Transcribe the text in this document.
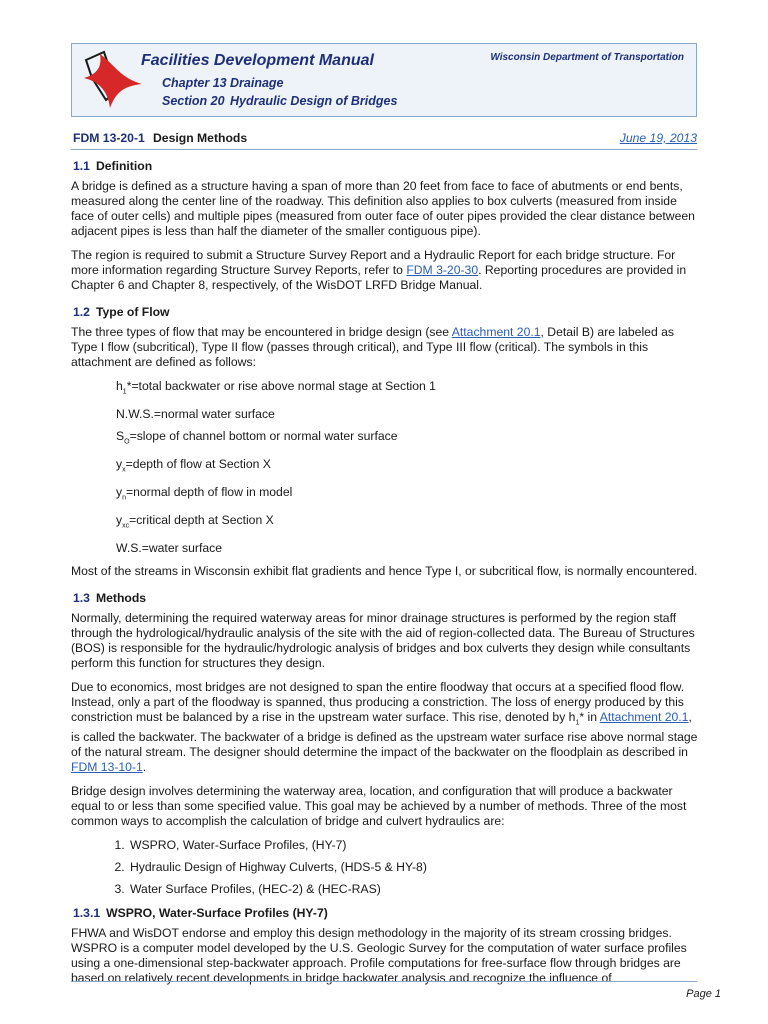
Facilities Development Manual	Wisconsin Department of Transportation
Chapter 13 Drainage
Section 20 Hydraulic Design of Bridges
FDM 13-20-1 Design Methods	June 19, 2013
1.1 Definition

A bridge is defined as a structure having a span of more than 20 feet from face to face of abutments or end bents, measured along the center line of the roadway. This definition also applies to box culverts (measured from inside face of outer cells) and multiple pipes (measured from outer face of outer pipes provided the clear distance between adjacent pipes is less than half the diameter of the smaller contiguous pipe).

The region is required to submit a Structure Survey Report and a Hydraulic Report for each bridge structure. For more information regarding Structure Survey Reports, refer to FDM 3-20-30. Reporting procedures are provided in Chapter 6 and Chapter 8, respectively, of the WisDOT LRFD Bridge Manual.

1.2 Type of Flow

The three types of flow that may be encountered in bridge design (see Attachment 20.1, Detail B) are labeled as Type I flow (subcritical), Type II flow (passes through critical), and Type III flow (critical). The symbols in this attachment are defined as follows:

$h_1*=total$ backwater or rise above normal stage at Section 1
N.W.S.=normal water surface
$S_O=slope$ of channel bottom or normal water surface
$y_x=depth$ of flow at Section X
$y_n=normal$ depth of flow in model
$y_{xc}=critical$ depth at Section X
W.S.=water surface

Most of the streams in Wisconsin exhibit flat gradients and hence Type I, or subcritical flow, is normally encountered.

1.3 Methods

Normally, determining the required waterway areas for minor drainage structures is performed by the region staff through the hydrological/hydraulic analysis of the site with the aid of region-collected data. The Bureau of Structures (BOS) is responsible for the hydraulic/hydrologic analysis of bridges and box culverts they design while consultants perform this function for structures they design.

Due to economics, most bridges are not designed to span the entire floodway that occurs at a specified flood flow. Instead, only a part of the floodway is spanned, thus producing a constriction. The loss of energy produced by this constriction must be balanced by a rise in the upstream water surface. This rise, denoted by $h_1*$ in Attachment 20.1, is called the backwater. The backwater of a bridge is defined as the upstream water surface rise above normal stage of the natural stream. The designer should determine the impact of the backwater on the floodplain as described in FDM 13-10-1.

Bridge design involves determining the waterway area, location, and configuration that will produce a backwater equal to or less than some specified value. This goal may be achieved by a number of methods. Three of the most common ways to accomplish the calculation of bridge and culvert hydraulics are:

1. WSPRO, Water-Surface Profiles, (HY-7)
2. Hydraulic Design of Highway Culverts, (HDS-5 & HY-8)
3. Water Surface Profiles, (HEC-2) & (HEC-RAS)
1.3.1 WSPRO, Water-Surface Profiles (HY-7)

FHWA and WisDOT endorse and employ this design methodology in the majority of its stream crossing bridges. WSPRO is a computer model developed by the U.S. Geologic Survey for the computation of water surface profiles using a one-dimensional step-backwater approach. Profile computations for free-surface flow through bridges are based on relatively recent developments in bridge backwater analysis and recognize the influence of

Page 1
